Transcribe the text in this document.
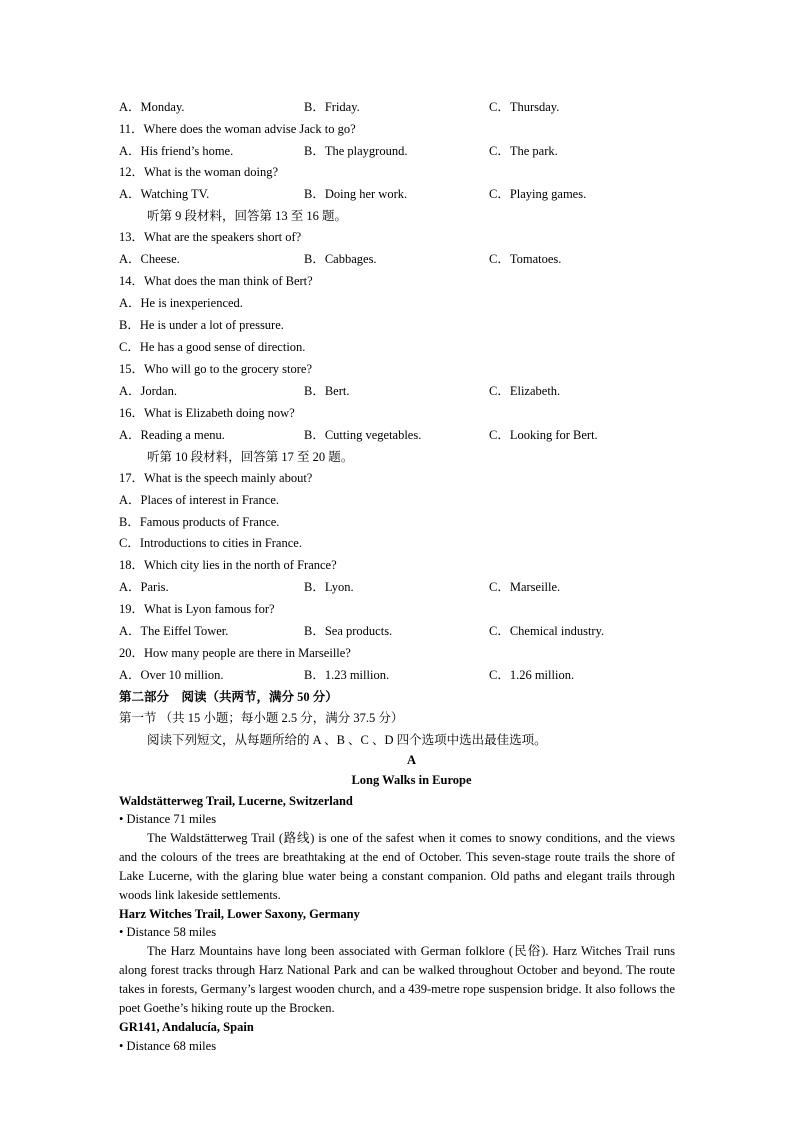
A．Monday.	B．Friday.	C．Thursday.
11．Where does the woman advise Jack to go?
A．His friend’s home.	B．The playground.	C．The park.
12．What is the woman doing?
A．Watching TV.	B．Doing her work.	C．Playing games.
听第 9 段材料，回答第 13 至 16 题。
13．What are the speakers short of?
A．Cheese.	B．Cabbages.	C．Tomatoes.
14．What does the man think of Bert?
A．He is inexperienced.
B．He is under a lot of pressure.
C．He has a good sense of direction.
15．Who will go to the grocery store?
A．Jordan.	B．Bert.	C．Elizabeth.
16．What is Elizabeth doing now?
A．Reading a menu.	B．Cutting vegetables.	C．Looking for Bert.
听第 10 段材料，回答第 17 至 20 题。
17．What is the speech mainly about?
A．Places of interest in France.
B．Famous products of France.
C．Introductions to cities in France.
18．Which city lies in the north of France?
A．Paris.	B．Lyon.	C．Marseille.
19．What is Lyon famous for?
A．The Eiffel Tower.	B．Sea products.	C．Chemical industry.
20．How many people are there in Marseille?
A．Over 10 million.	B．1.23 million.	C．1.26 million.
第二部分　阅读（共两节，满分 50 分）
第一节 （共 15 小题；每小题 2.5 分，满分 37.5 分）
阅读下列短文，从每题所给的 A 、B 、C 、D 四个选项中选出最佳选项。
A
Long Walks in Europe
Waldstätterweg Trail, Lucerne, Switzerland
• Distance 71 miles

The Waldstätterweg Trail (路线) is one of the safest when it comes to snowy conditions, and the views and the colours of the trees are breathtaking at the end of October. This seven-stage route trails the shore of Lake Lucerne, with the glaring blue water being a constant companion. Old paths and elegant trails through woods link lakeside settlements.

Harz Witches Trail, Lower Saxony, Germany
• Distance 58 miles

The Harz Mountains have long been associated with German folklore (民俗). Harz Witches Trail runs along forest tracks through Harz National Park and can be walked throughout October and beyond. The route takes in forests, Germany’s largest wooden church, and a 439-metre rope suspension bridge. It also follows the poet Goethe’s hiking route up the Brocken.

GR141, Andalucía, Spain
• Distance 68 miles
